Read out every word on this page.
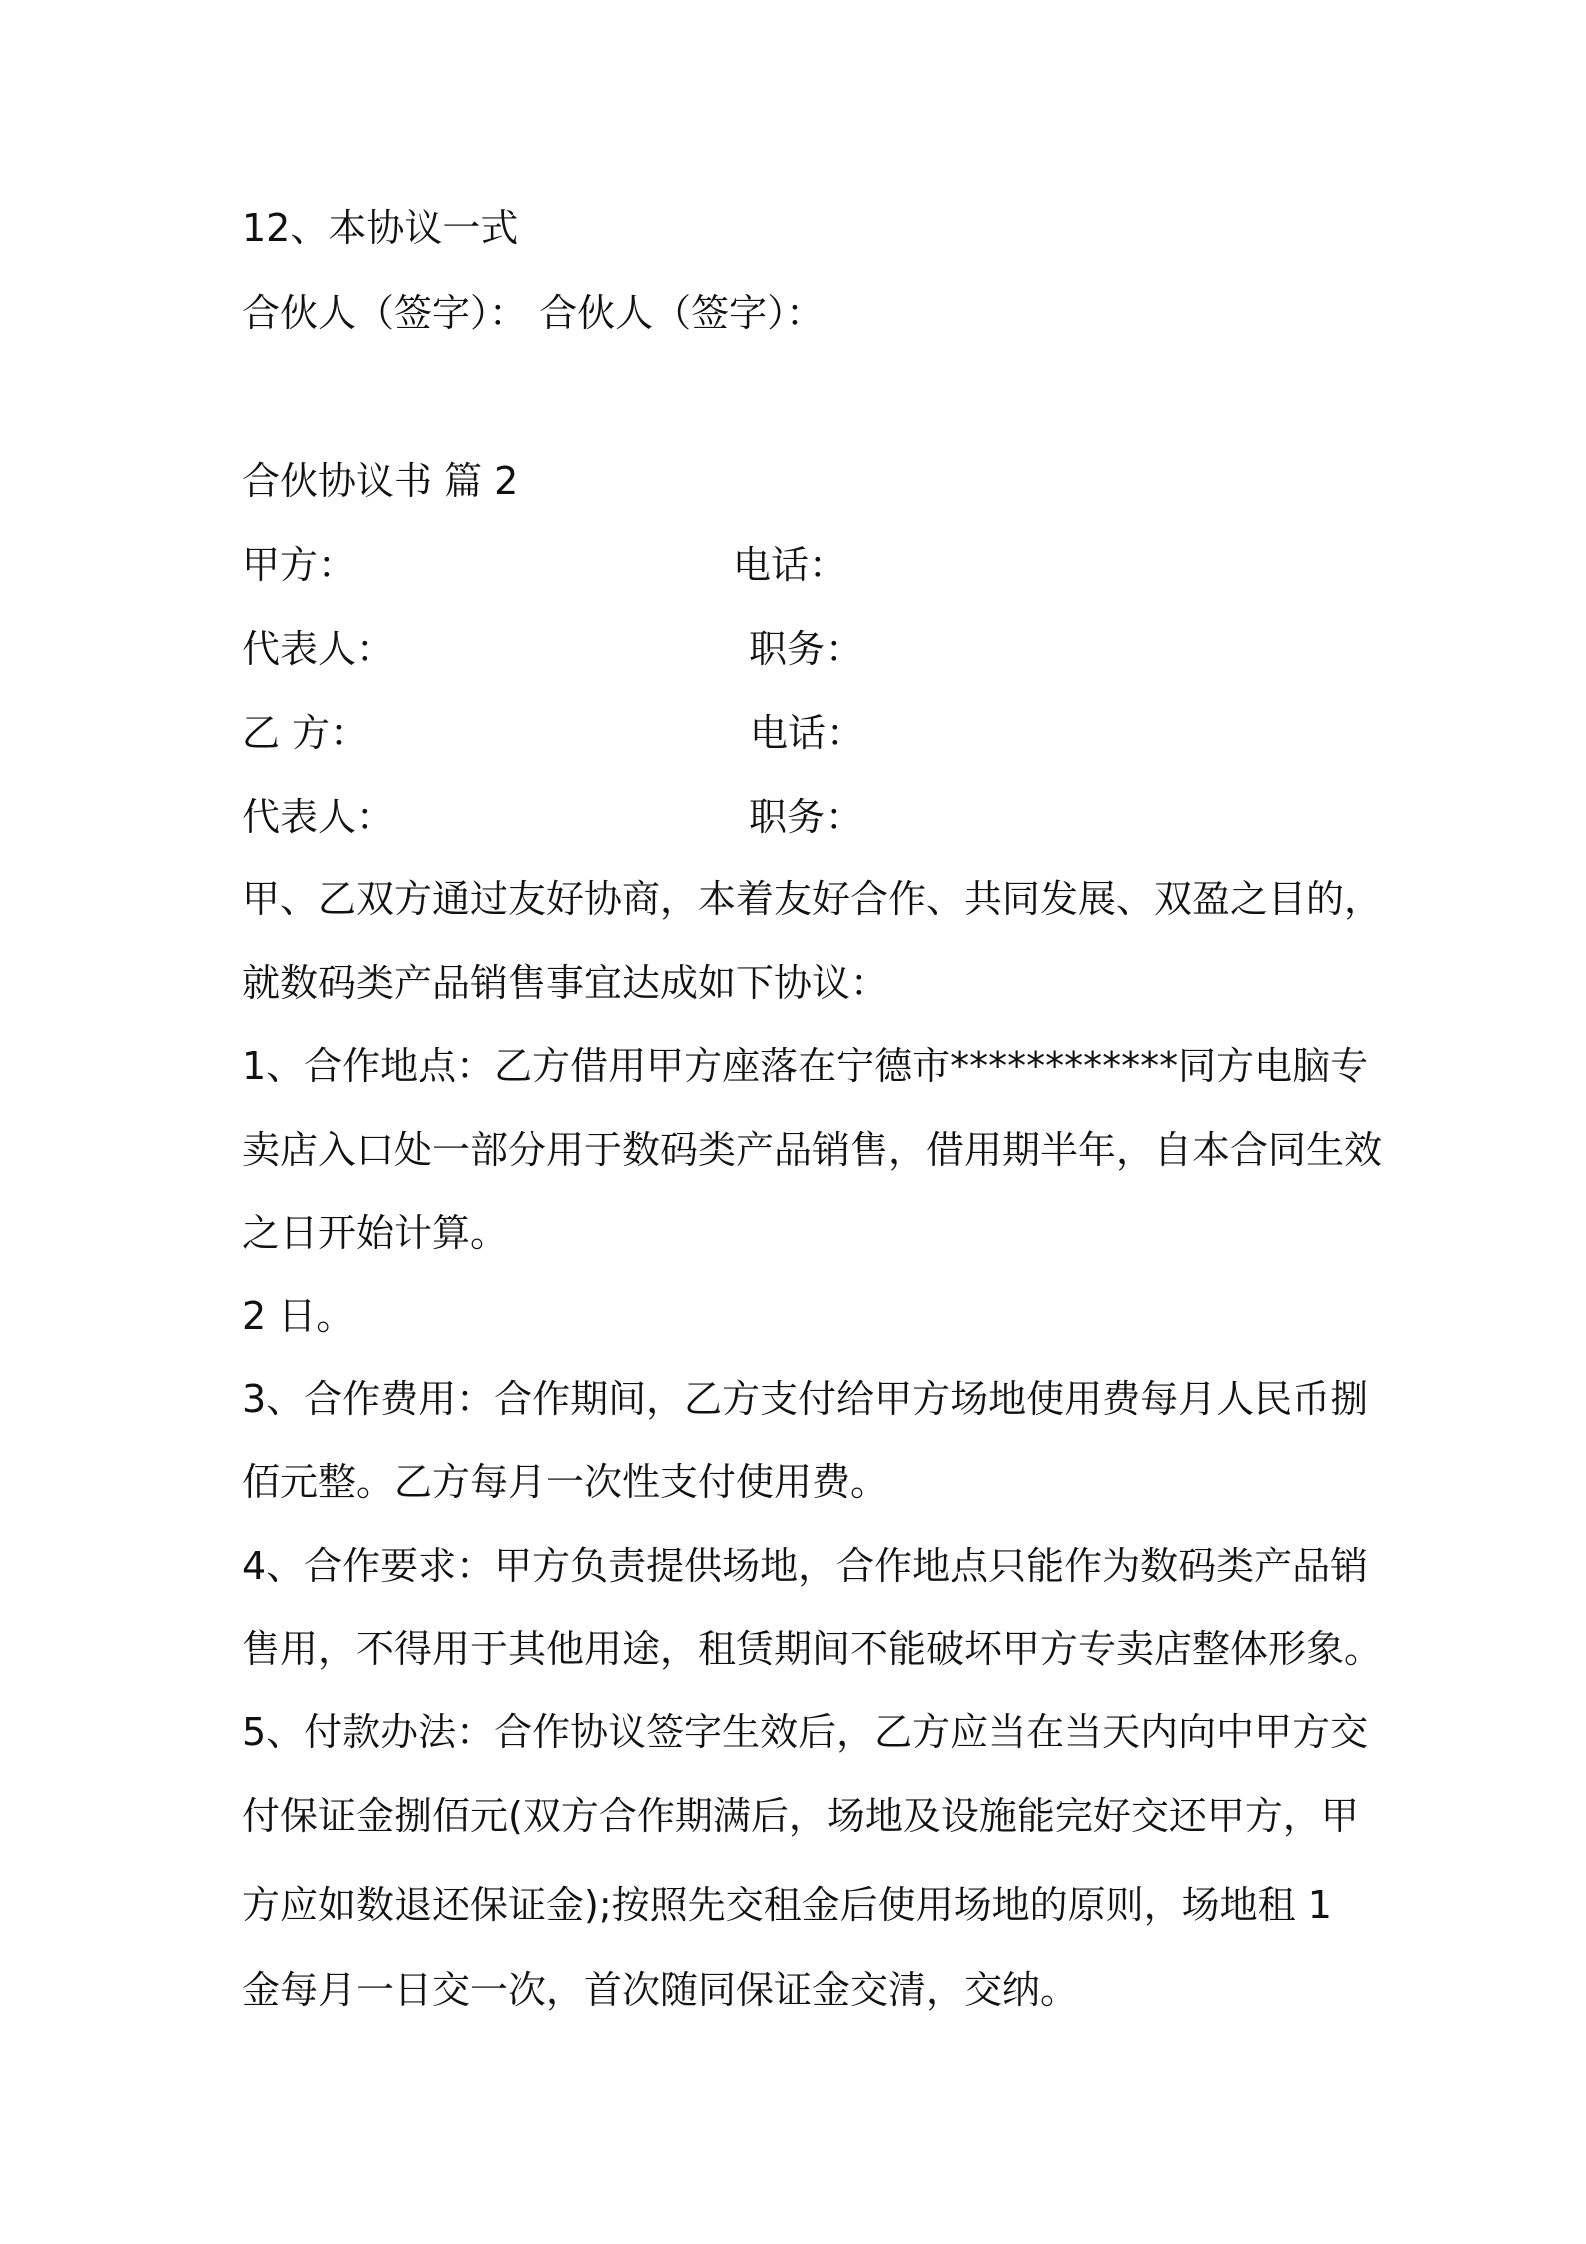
12、本协议一式
合伙人（签字）： 合伙人（签字）：
合伙协议书 篇 2
甲方：	电话：
代表人：	职务：
乙 方：	电话：
代表人：	职务：
甲、乙双方通过友好协商，本着友好合作、共同发展、双盈之目的，
就数码类产品销售事宜达成如下协议：
1、合作地点：乙方借用甲方座落在宁德市************同方电脑专
卖店入口处一部分用于数码类产品销售，借用期半年，自本合同生效
之日开始计算。
2 日。
3、合作费用：合作期间，乙方支付给甲方场地使用费每月人民币捌
佰元整。乙方每月一次性支付使用费。
4、合作要求：甲方负责提供场地，合作地点只能作为数码类产品销
售用，不得用于其他用途，租赁期间不能破坏甲方专卖店整体形象。
5、付款办法：合作协议签字生效后，乙方应当在当天内向中甲方交
付保证金捌佰元(双方合作期满后，场地及设施能完好交还甲方，甲
方应如数退还保证金);按照先交租金后使用场地的原则，场地租 1
金每月一日交一次，首次随同保证金交清，交纳。
